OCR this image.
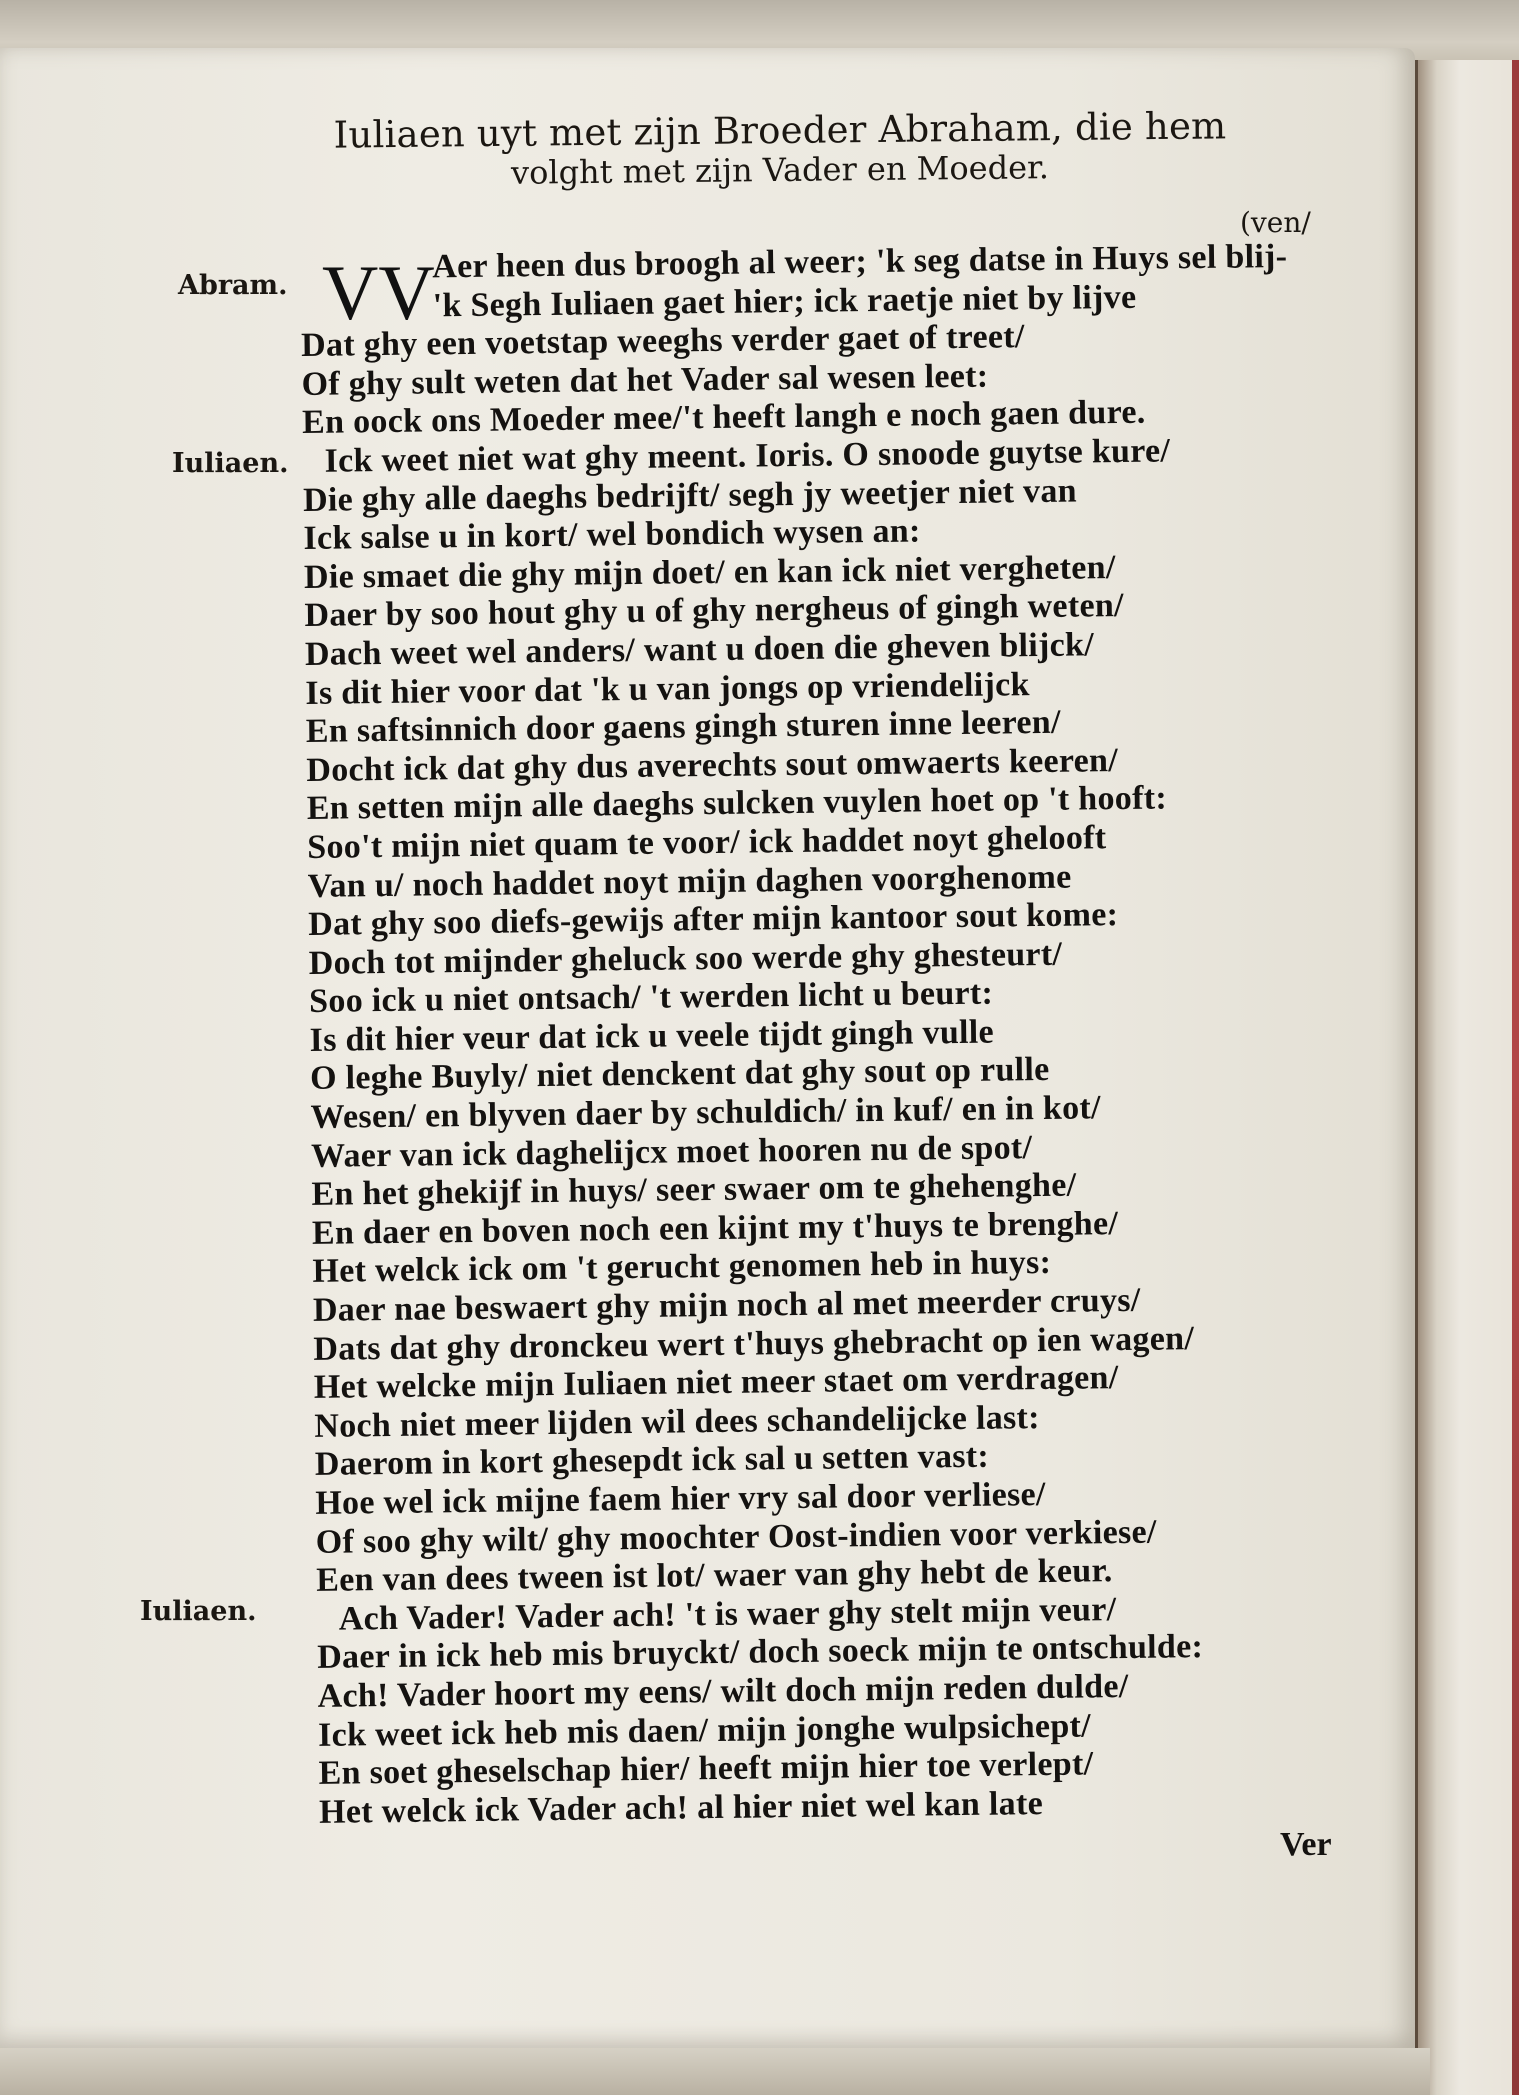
Iuliaen uyt met zijn Broeder Abraham, die hem
volght met zijn Vader en Moeder.
(ven/
Abram.
Iuliaen.
Iuliaen.
VV
Aer heen dus broogh al weer; 'k seg datse in Huys sel blij-
'k Segh Iuliaen gaet hier; ick raetje niet by lijve
Dat ghy een voetstap weeghs verder gaet of treet/
Of ghy sult weten dat het Vader sal wesen leet:
En oock ons Moeder mee/'t heeft langh e noch gaen dure.
Ick weet niet wat ghy meent. Ioris. O snoode guytse kure/
Die ghy alle daeghs bedrijft/ segh jy weetjer niet van
Ick salse u in kort/ wel bondich wysen an:
Die smaet die ghy mijn doet/ en kan ick niet vergheten/
Daer by soo hout ghy u of ghy nergheus of gingh weten/
Dach weet wel anders/ want u doen die gheven blijck/
Is dit hier voor dat 'k u van jongs op vriendelijck
En saftsinnich door gaens gingh sturen inne leeren/
Docht ick dat ghy dus averechts sout omwaerts keeren/
En setten mijn alle daeghs sulcken vuylen hoet op 't hooft:
Soo't mijn niet quam te voor/ ick haddet noyt ghelooft
Van u/ noch haddet noyt mijn daghen voorghenome
Dat ghy soo diefs-gewijs after mijn kantoor sout kome:
Doch tot mijnder gheluck soo werde ghy ghesteurt/
Soo ick u niet ontsach/ 't werden licht u beurt:
Is dit hier veur dat ick u veele tijdt gingh vulle
O leghe Buyly/ niet denckent dat ghy sout op rulle
Wesen/ en blyven daer by schuldich/ in kuf/ en in kot/
Waer van ick daghelijcx moet hooren nu de spot/
En het ghekijf in huys/ seer swaer om te ghehenghe/
En daer en boven noch een kijnt my t'huys te brenghe/
Het welck ick om 't gerucht genomen heb in huys:
Daer nae beswaert ghy mijn noch al met meerder cruys/
Dats dat ghy dronckeu wert t'huys ghebracht op ien wagen/
Het welcke mijn Iuliaen niet meer staet om verdragen/
Noch niet meer lijden wil dees schandelijcke last:
Daerom in kort ghesepdt ick sal u setten vast:
Hoe wel ick mijne faem hier vry sal door verliese/
Of soo ghy wilt/ ghy moochter Oost-indien voor verkiese/
Een van dees tween ist lot/ waer van ghy hebt de keur.
Ach Vader! Vader ach! 't is waer ghy stelt mijn veur/
Daer in ick heb mis bruyckt/ doch soeck mijn te ontschulde:
Ach! Vader hoort my eens/ wilt doch mijn reden dulde/
Ick weet ick heb mis daen/ mijn jonghe wulpsichept/
En soet gheselschap hier/ heeft mijn hier toe verlept/
Het welck ick Vader ach! al hier niet wel kan late
Ver
